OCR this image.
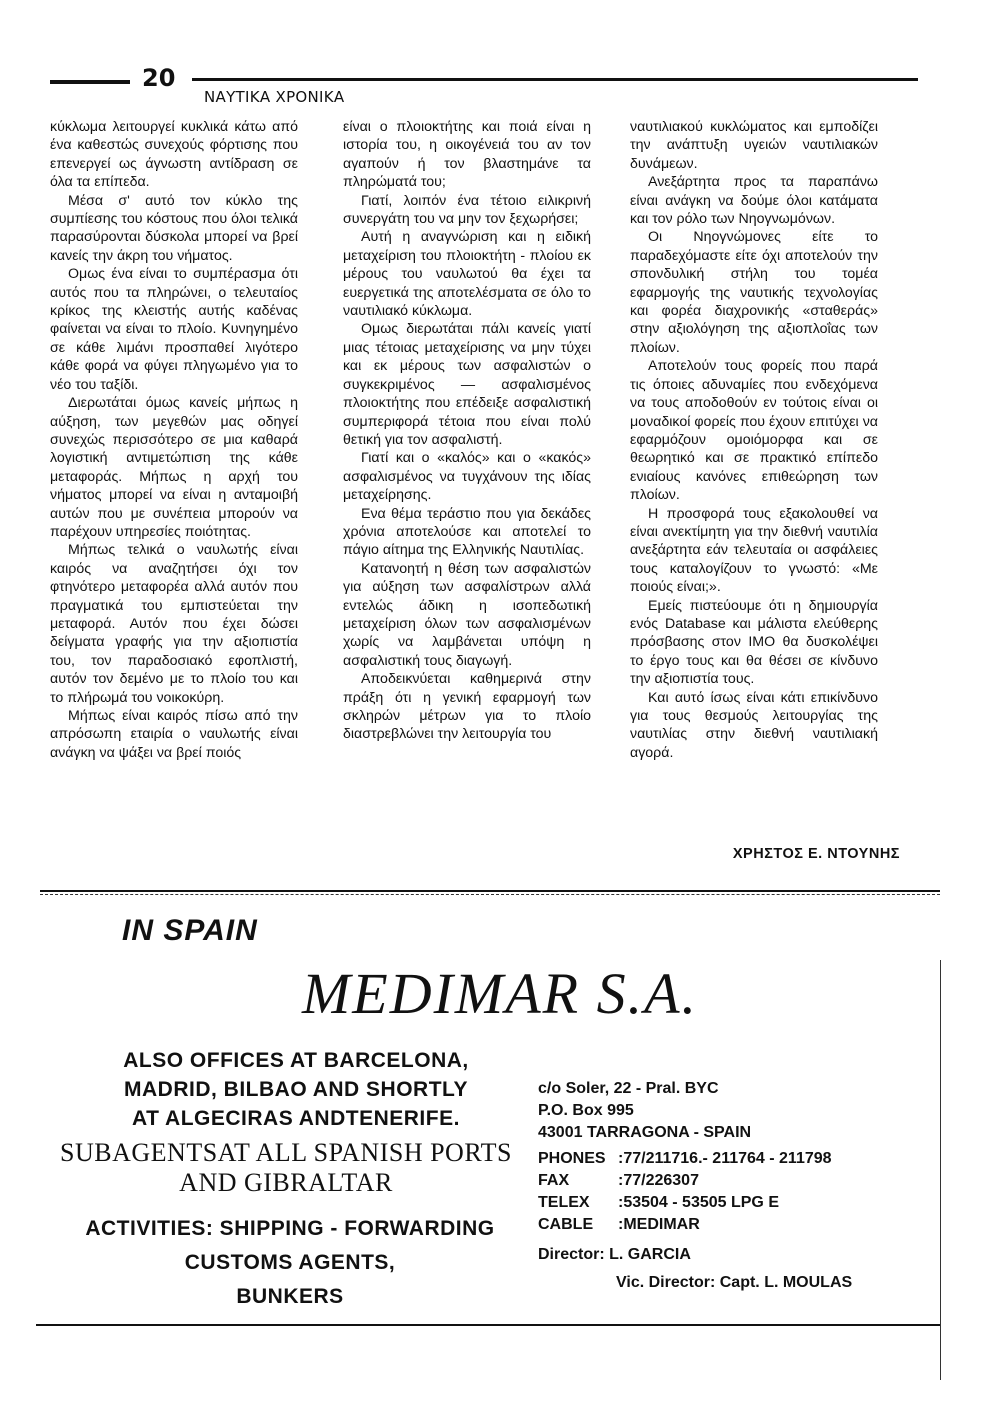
20
ΝΑΥΤΙΚΑ ΧΡΟΝΙΚΑ

κύκλωμα λειτουργεί κυκλικά κάτω από ένα καθεστώς συνεχούς φόρτισης που επενεργεί ως άγνωστη αντίδραση σε όλα τα επίπεδα.

Μέσα σ' αυτό τον κύκλο της συμπίεσης του κόστους που όλοι τελικά παρασύρονται δύσκολα μπορεί να βρεί κανείς την άκρη του νήματος.

Ομως ένα είναι το συμπέρασμα ότι αυτός που τα πληρώνει, ο τελευταίος κρίκος της κλειστής αυτής καδένας φαίνεται να είναι το πλοίο. Κυνηγημένο σε κάθε λιμάνι προσπαθεί λιγότερο κάθε φορά να φύγει πληγωμένο για το νέο του ταξίδι.

Διερωτάται όμως κανείς μήπως η αύξηση, των μεγεθών μας οδηγεί συνεχώς περισσότερο σε μια καθαρά λογιστική αντιμετώπιση της κάθε μεταφοράς. Μήπως η αρχή του νήματος μπορεί να είναι η ανταμοιβή αυτών που με συνέπεια μπορούν να παρέχουν υπηρεσίες ποιότητας.

Μήπως τελικά ο ναυλωτής είναι καιρός να αναζητήσει όχι τον φτηνότερο μεταφορέα αλλά αυτόν που πραγματικά του εμπιστεύεται την μεταφορά. Αυτόν που έχει δώσει δείγματα γραφής για την αξιοπιστία του, τον παραδοσιακό εφοπλιστή, αυτόν τον δεμένο με το πλοίο του και το πλήρωμά του νοικοκύρη.

Μήπως είναι καιρός πίσω από την απρόσωπη εταιρία ο ναυλωτής είναι ανάγκη να ψάξει να βρεί ποιός

είναι ο πλοιοκτήτης και ποιά είναι η ιστορία του, η οικογένειά του αν τον αγαπούν ή τον βλαστημάνε τα πληρώματά του;

Γιατί, λοιπόν ένα τέτοιο ειλικρινή συνεργάτη του να μην τον ξεχωρήσει;

Αυτή η αναγνώριση και η ειδική μεταχείριση του πλοιοκτήτη - πλοίου εκ μέρους του ναυλωτού θα έχει τα ευεργετικά της αποτελέσματα σε όλο το ναυτιλιακό κύκλωμα.

Ομως διερωτάται πάλι κανείς γιατί μιας τέτοιας μεταχείρισης να μην τύχει και εκ μέρους των ασφαλιστών ο συγκεκριμένος — ασφαλισμένος πλοιοκτήτης που επέδειξε ασφαλιστική συμπεριφορά τέτοια που είναι πολύ θετική για τον ασφαλιστή.

Γιατί και ο «καλός» και ο «κακός» ασφαλισμένος να τυγχάνουν της ιδίας μεταχείρησης.

Ενα θέμα τεράστιο που για δεκάδες χρόνια αποτελούσε και αποτελεί το πάγιο αίτημα της Ελληνικής Ναυτιλίας.

Κατανοητή η θέση των ασφαλιστών για αύξηση των ασφαλίστρων αλλά εντελώς άδικη η ισοπεδωτική μεταχείριση όλων των ασφαλισμένων χωρίς να λαμβάνεται υπόψη η ασφαλιστική τους διαγωγή.

Αποδεικνύεται καθημερινά στην πράξη ότι η γενική εφαρμογή των σκληρών μέτρων για το πλοίο διαστρεβλώνει την λειτουργία του

ναυτιλιακού κυκλώματος και εμποδίζει την ανάπτυξη υγειών ναυτιλιακών δυνάμεων.

Ανεξάρτητα προς τα παραπάνω είναι ανάγκη να δούμε όλοι κατάματα και τον ρόλο των Νηογνωμόνων.

Οι Νηογνώμονες είτε το παραδεχόμαστε είτε όχι αποτελούν την σπονδυλική στήλη του τομέα εφαρμογής της ναυτικής τεχνολογίας και φορέα διαχρονικής «σταθεράς» στην αξιολόγηση της αξιοπλοΐας των πλοίων.

Αποτελούν τους φορείς που παρά τις όποιες αδυναμίες που ενδεχόμενα να τους αποδοθούν εν τούτοις είναι οι μοναδικοί φορείς που έχουν επιτύχει να εφαρμόζουν ομοιόμορφα και σε θεωρητικό και σε πρακτικό επίπεδο ενιαίους κανόνες επιθεώρηση των πλοίων.

Η προσφορά τους εξακολουθεί να είναι ανεκτίμητη για την διεθνή ναυτιλία ανεξάρτητα εάν τελευταία οι ασφάλειες τους καταλογίζουν το γνωστό: «Με ποιούς είναι;».

Εμείς πιστεύουμε ότι η δημιουργία ενός Database και μάλιστα ελεύθερης πρόσβασης στον ΙΜΟ θα δυσκολέψει το έργο τους και θα θέσει σε κίνδυνο την αξιοπιστία τους.

Και αυτό ίσως είναι κάτι επικίνδυνο για τους θεσμούς λειτουργίας της ναυτιλίας στην διεθνή ναυτιλιακή αγορά.

ΧΡΗΣΤΟΣ Ε. ΝΤΟΥΝΗΣ
IN SPAIN
MEDIMAR S.A.
ALSO OFFICES AT BARCELONA,
MADRID, BILBAO AND SHORTLY
AT ALGECIRAS ANDTENERIFE.
SUBAGENTSAT ALL SPANISH PORTS
AND GIBRALTAR
ACTIVITIES: SHIPPING - FORWARDING
CUSTOMS AGENTS,
BUNKERS
c/o Soler, 22 - Pral. BYC
P.O. Box 995
43001 TARRAGONA - SPAIN
PHONES	:	77/211716.- 211764 - 211798
FAX	:	77/226307
TELEX	:	53504 - 53505 LPG E
CABLE	:	MEDIMAR
Director: L. GARCIA
Vic. Director: Capt. L. MOULAS
